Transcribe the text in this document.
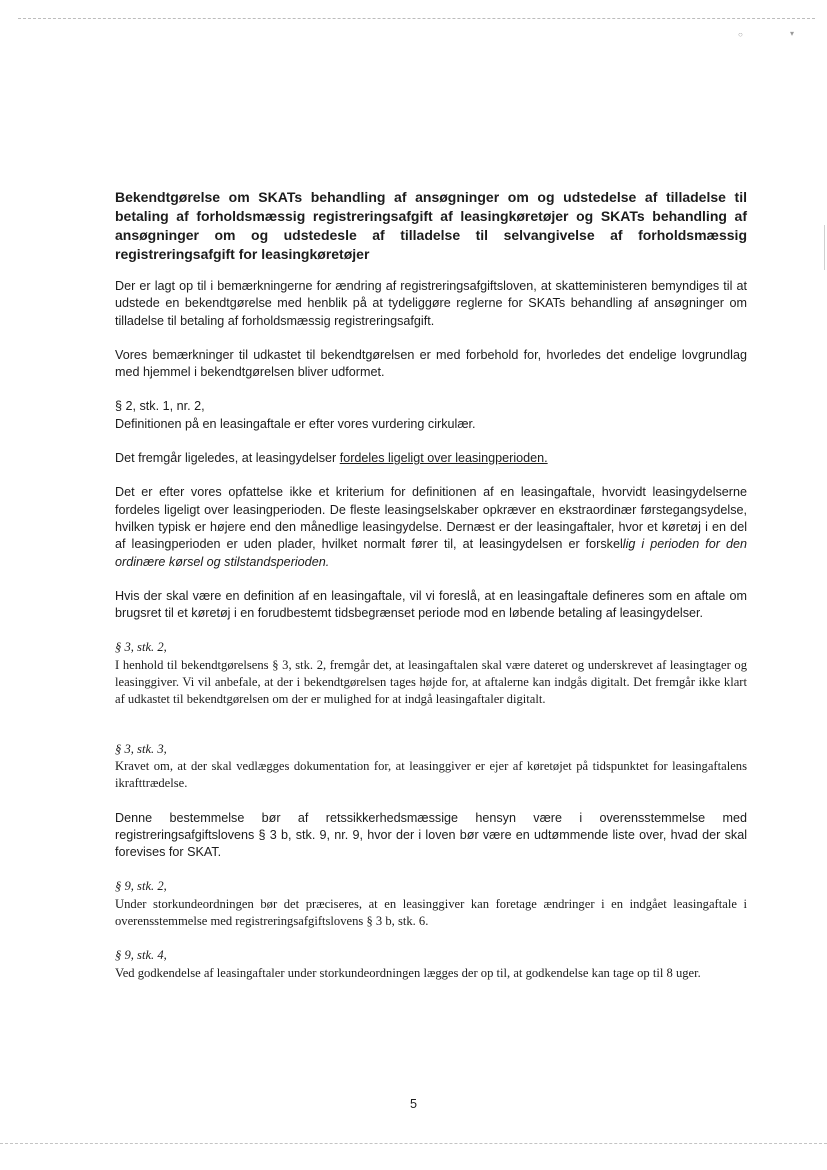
○	▾
Bekendtgørelse om SKATs behandling af ansøgninger om og udstedelse af tilladelse til betaling af forholdsmæssig registreringsafgift af leasingkøretøjer og SKATs behandling af ansøgninger om og udstedesle af tilladelse til selvangivelse af forholdsmæssig registreringsafgift for leasingkøretøjer

Der er lagt op til i bemærkningerne for ændring af registreringsafgiftsloven, at skatteministeren bemyndiges til at udstede en bekendtgørelse med henblik på at tydeliggøre reglerne for SKATs behandling af ansøgninger om tilladelse til betaling af forholdsmæssig registreringsafgift.

Vores bemærkninger til udkastet til bekendtgørelsen er med forbehold for, hvorledes det endelige lovgrundlag med hjemmel i bekendtgørelsen bliver udformet.

§ 2, stk. 1, nr. 2,

Definitionen på en leasingaftale er efter vores vurdering cirkulær.

Det fremgår ligeledes, at leasingydelser fordeles ligeligt over leasingperioden.

Det er efter vores opfattelse ikke et kriterium for definitionen af en leasingaftale, hvorvidt leasingydelserne fordeles ligeligt over leasingperioden. De fleste leasingselskaber opkræver en ekstraordinær førstegangsydelse, hvilken typisk er højere end den månedlige leasingydelse. Dernæst er der leasingaftaler, hvor et køretøj i en del af leasingperioden er uden plader, hvilket normalt fører til, at leasingydelsen er forskellig i perioden for den ordinære kørsel og stilstandsperioden.

Hvis der skal være en definition af en leasingaftale, vil vi foreslå, at en leasingaftale defineres som en aftale om brugsret til et køretøj i en forudbestemt tidsbegrænset periode mod en løbende betaling af leasingydelser.

§ 3, stk. 2,

I henhold til bekendtgørelsens § 3, stk. 2, fremgår det, at leasingaftalen skal være dateret og underskrevet af leasingtager og leasinggiver. Vi vil anbefale, at der i bekendtgørelsen tages højde for, at aftalerne kan indgås digitalt. Det fremgår ikke klart af udkastet til bekendtgørelsen om der er mulighed for at indgå leasingaftaler digitalt.

§ 3, stk. 3,

Kravet om, at der skal vedlægges dokumentation for, at leasinggiver er ejer af køretøjet på tidspunktet for leasingaftalens ikrafttrædelse.

Denne bestemmelse bør af retssikkerhedsmæssige hensyn være i overensstemmelse med registreringsafgiftslovens § 3 b, stk. 9, nr. 9, hvor der i loven bør være en udtømmende liste over, hvad der skal forevises for SKAT.

§ 9, stk. 2,

Under storkundeordningen bør det præciseres, at en leasinggiver kan foretage ændringer i en indgået leasingaftale i overensstemmelse med registreringsafgiftslovens § 3 b, stk. 6.

§ 9, stk. 4,

Ved godkendelse af leasingaftaler under storkundeordningen lægges der op til, at godkendelse kan tage op til 8 uger.

5
